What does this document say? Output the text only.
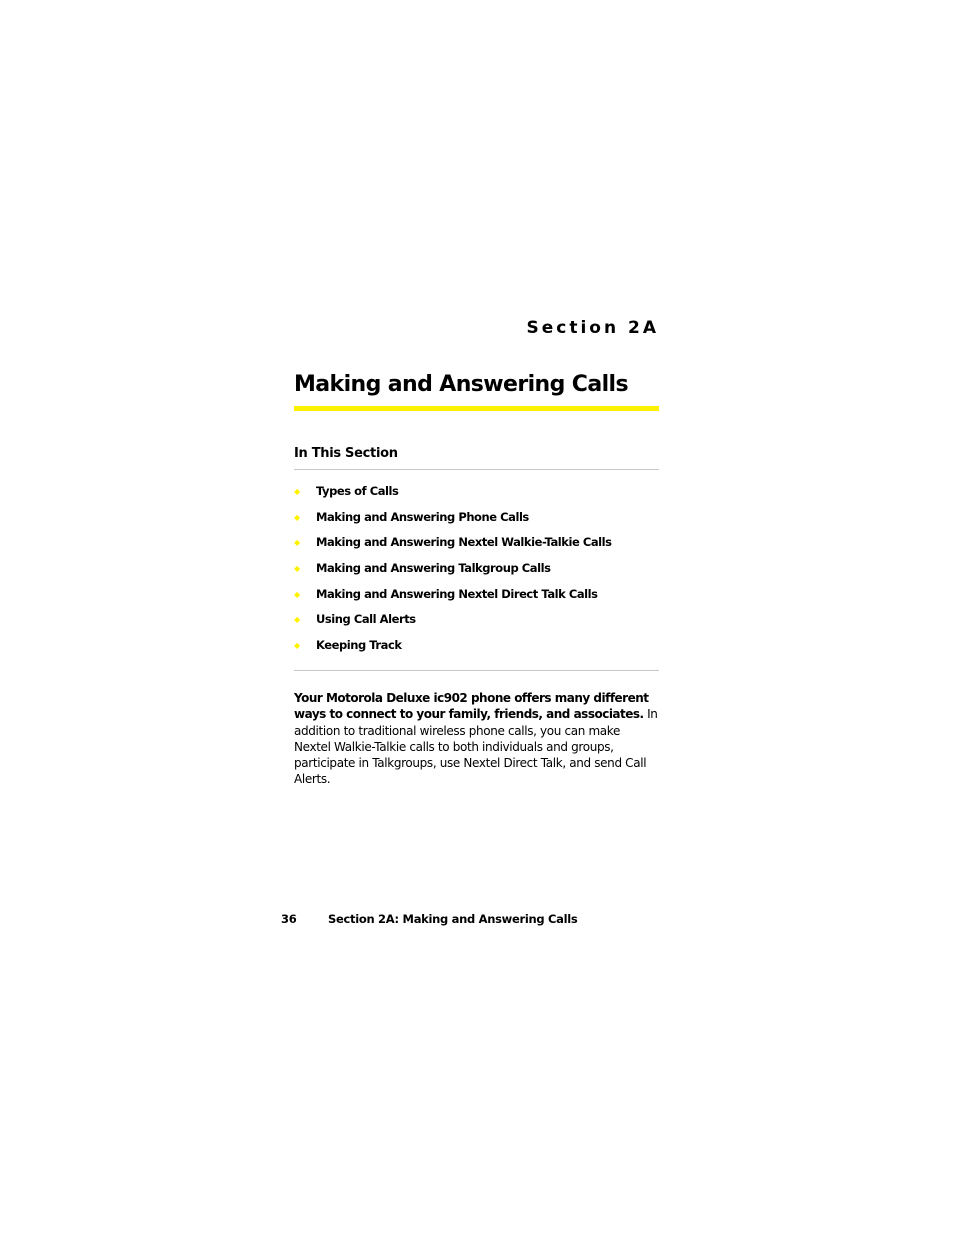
Section 2A
Making and Answering Calls
In This Section
◆	Types of Calls
◆	Making and Answering Phone Calls
◆	Making and Answering Nextel Walkie-Talkie Calls
◆	Making and Answering Talkgroup Calls
◆	Making and Answering Nextel Direct Talk Calls
◆	Using Call Alerts
◆	Keeping Track

Your Motorola Deluxe ic902 phone offers many different ways to connect to your family, friends, and associates. In addition to traditional wireless phone calls, you can make Nextel Walkie-Talkie calls to both individuals and groups, participate in Talkgroups, use Nextel Direct Talk, and send Call Alerts.

36	Section 2A: Making and Answering Calls
